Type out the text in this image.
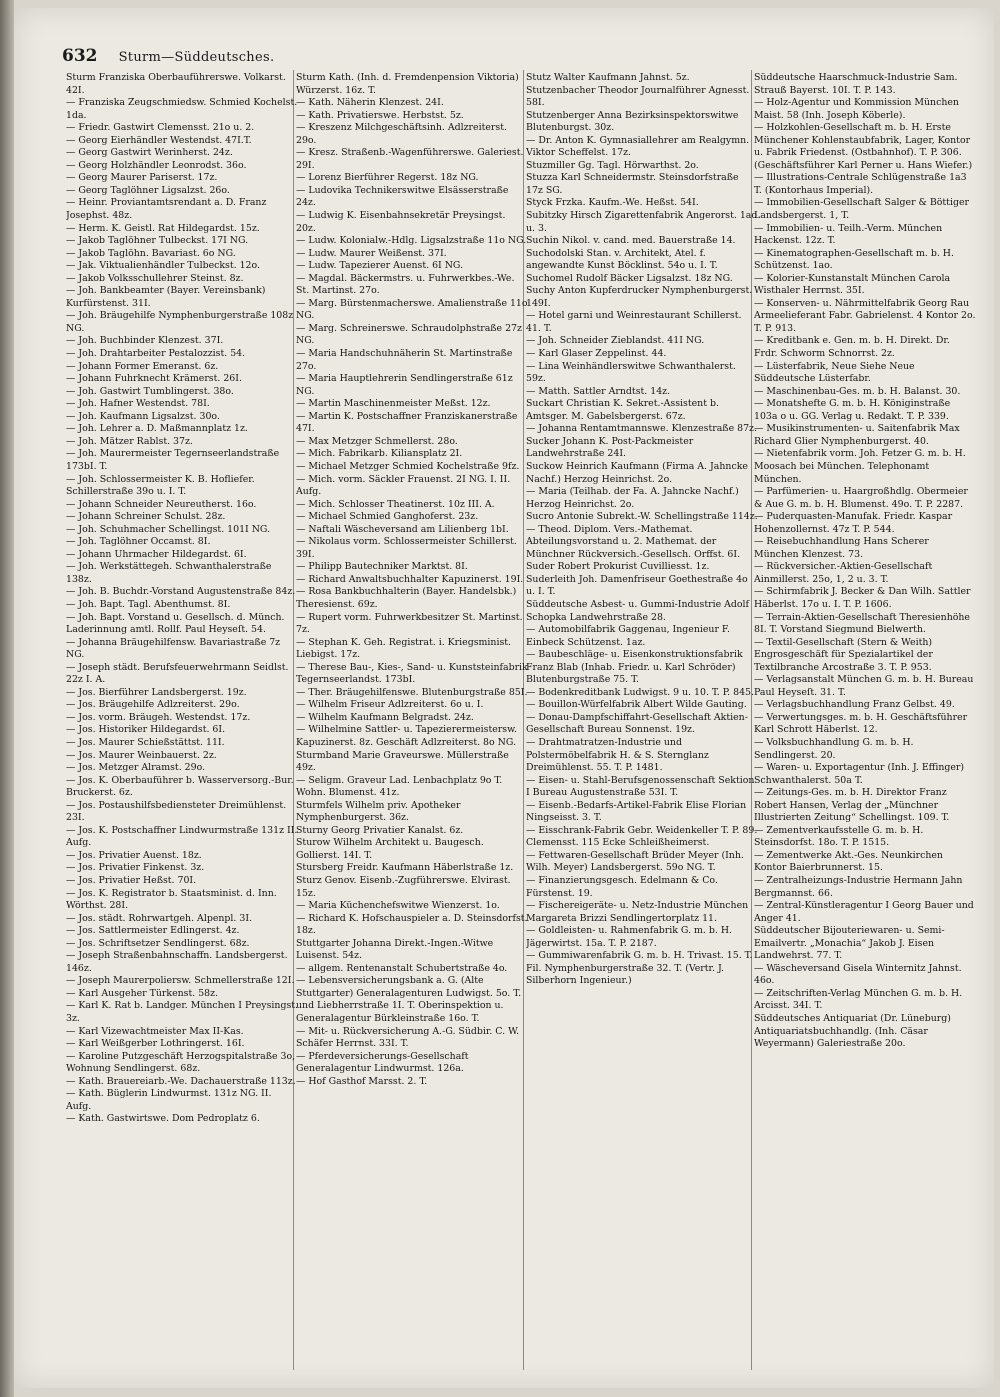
632 Sturm—Süddeutsches.

Sturm Franziska Oberbauführerswe. Volkarst. 42I.

— Franziska Zeugschmiedsw. Schmied Kochelst. 1da.

— Friedr. Gastwirt Clemensst. 21o u. 2.

— Georg Eierhändler Westendst. 47I.T.

— Georg Gastwirt Werinherst. 24z.

— Georg Holzhändler Leonrodst. 36o.

— Georg Maurer Pariserst. 17z.

— Georg Taglöhner Ligsalzst. 26o.

— Heinr. Proviantamtsrendant a. D. Franz Josephst. 48z.

— Herm. K. Geistl. Rat Hildegardst. 15z.

— Jakob Taglöhner Tulbeckst. 17I NG.

— Jakob Taglöhn. Bavariast. 6o NG.

— Jak. Viktualienhändler Tulbeckst. 12o.

— Jakob Volksschullehrer Steinst. 8z.

— Joh. Bankbeamter (Bayer. Vereinsbank) Kurfürstenst. 31I.

— Joh. Bräugehilfe Nymphenburgerstraße 108z NG.

— Joh. Buchbinder Klenzest. 37I.

— Joh. Drahtarbeiter Pestalozzist. 54.

— Johann Former Emeranst. 6z.

— Johann Fuhrknecht Krämerst. 26I.

— Joh. Gastwirt Tumblingerst. 38o.

— Joh. Hafner Westendst. 78I.

— Joh. Kaufmann Ligsalzst. 30o.

— Joh. Lehrer a. D. Maßmannplatz 1z.

— Joh. Mätzer Rablst. 37z.

— Joh. Maurermeister Tegernseerlandstraße 173bI. T.

— Joh. Schlossermeister K. B. Hofliefer. Schillerstraße 39o u. I. T.

— Johann Schneider Neureutherst. 16o.

— Johann Schreiner Schulst. 28z.

— Joh. Schuhmacher Schellingst. 101I NG.

— Joh. Taglöhner Occamst. 8I.

— Johann Uhrmacher Hildegardst. 6I.

— Joh. Werkstättegeh. Schwanthalerstraße 138z.

— Joh. B. Buchdr.-Vorstand Augustenstraße 84z.

— Joh. Bapt. Tagl. Abenthumst. 8I.

— Joh. Bapt. Vorstand u. Gesellsch. d. Münch. Laderinnung amtl. Rollf. Paul Heyseſt. 54.

— Johanna Bräugehilfensw. Bavariastraße 7z NG.

— Joseph städt. Berufsfeuerwehrmann Seidlst. 22z I. A.

— Jos. Bierführer Landsbergerst. 19z.

— Jos. Bräugehilfe Adlzreiterst. 29o.

— Jos. vorm. Bräugeh. Westendst. 17z.

— Jos. Historiker Hildegardst. 6I.

— Jos. Maurer Schießstättst. 11I.

— Jos. Maurer Weinbauerst. 2z.

— Jos. Metzger Alramst. 29o.

— Jos. K. Oberbauführer b. Wasserversorg.-Bur. Bruckerst. 6z.

— Jos. Postaushilfsbediensteter Dreimühlenst. 23I.

— Jos. K. Postschaffner Lindwurmstraße 131z II. Aufg.

— Jos. Privatier Auenst. 18z.

— Jos. Privatier Finkenst. 3z.

— Jos. Privatier Heßst. 70I.

— Jos. K. Registrator b. Staatsminist. d. Inn. Wörthst. 28I.

— Jos. städt. Rohrwartgeh. Alpenpl. 3I.

— Jos. Sattlermeister Edlingerst. 4z.

— Jos. Schriftsetzer Sendlingerst. 68z.

— Joseph Straßenbahnschaffn. Landsbergerst. 146z.

— Joseph Maurerpoliersw. Schmellerstraße 12I.

— Karl Ausgeher Türkenst. 58z.

— Karl K. Rat b. Landger. München I Preysingst. 3z.

— Karl Vizewachtmeister Max II-Kas.

— Karl Weißgerber Lothringerst. 16I.

— Karoline Putzgeschäft Herzogspitalstraße 3o, Wohnung Sendlingerst. 68z.

— Kath. Brauereiarb.-We. Dachauerstraße 113z.

— Kath. Büglerin Lindwurmst. 131z NG. II. Aufg.

— Kath. Gastwirtswe. Dom Pedroplatz 6.

Sturm Kath. (Inh. d. Fremdenpension Viktoria) Würzerst. 16z. T.

— Kath. Näherin Klenzest. 24I.

— Kath. Privatierswe. Herbstst. 5z.

— Kreszenz Milchgeschäftsinh. Adlzreiterst. 29o.

— Kresz. Straßenb.-Wagenführerswe. Galeriest. 29I.

— Lorenz Bierführer Regerst. 18z NG.

— Ludovika Technikerswitwe Elsässerstraße 24z.

— Ludwig K. Eisenbahnsekretär Preysingst. 20z.

— Ludw. Kolonialw.-Hdlg. Ligsalzstraße 11o NG.

— Ludw. Maurer Weißenst. 37I.

— Ludw. Tapezierer Auenst. 6I NG.

— Magdal. Bäckermstrs. u. Fuhrwerkbes.-We. St. Martinst. 27o.

— Marg. Bürstenmacherswe. Amalienstraße 11o NG.

— Marg. Schreinerswe. Schraudolphstraße 27z NG.

— Maria Handschuhnäherin St. Martinstraße 27o.

— Maria Hauptlehrerin Sendlingerstraße 61z NG.

— Martin Maschinenmeister Meßst. 12z.

— Martin K. Postschaffner Franziskanerstraße 47I.

— Max Metzger Schmellerst. 28o.

— Mich. Fabrikarb. Kiliansplatz 2I.

— Michael Metzger Schmied Kochelstraße 9fz.

— Mich. vorm. Säckler Frauenst. 2I NG. I. II. Aufg.

— Mich. Schlosser Theatinerst. 10z III. A.

— Michael Schmied Ganghoferst. 23z.

— Naftali Wäscheversand am Lilienberg 1bI.

— Nikolaus vorm. Schlossermeister Schillerst. 39I.

— Philipp Bautechniker Marktst. 8I.

— Richard Anwaltsbuchhalter Kapuzinerst. 19I.

— Rosa Bankbuchhalterin (Bayer. Handelsbk.) Theresienst. 69z.

— Rupert vorm. Fuhrwerkbesitzer St. Martinst. 7z.

— Stephan K. Geh. Registrat. i. Kriegsminist. Liebigst. 17z.

— Therese Bau-, Kies-, Sand- u. Kunststeinfabrik Tegernseerlandst. 173bI.

— Ther. Bräugehilfenswe. Blutenburgstraße 85I.

— Wilhelm Friseur Adlzreiterst. 6o u. I.

— Wilhelm Kaufmann Belgradst. 24z.

— Wilhelmine Sattler- u. Tapezierermeistersw. Kapuzinerst. 8z. Geschäft Adlzreiterst. 8o NG.

Sturmband Marie Graveurswe. Müllerstraße 49z.

— Seligm. Graveur Lad. Lenbachplatz 9o T. Wohn. Blumenst. 41z.

Sturmfels Wilhelm priv. Apotheker Nymphenburgerst. 36z.

Sturny Georg Privatier Kanalst. 6z.

Sturow Wilhelm Architekt u. Baugesch. Gollierst. 14I. T.

Stursberg Freidr. Kaufmann Häberlstraße 1z.

Sturz Genov. Eisenb.-Zugführerswe. Elvirast. 15z.

— Maria Küchenchefswitwe Wienzerst. 1o.

— Richard K. Hofschauspieler a. D. Steinsdorfst. 18z.

Stuttgarter Johanna Direkt.-Ingen.-Witwe Luisenst. 54z.

— allgem. Rentenanstalt Schubertstraße 4o.

— Lebensversicherungsbank a. G. (Alte Stuttgarter) Generalagenturen Ludwigst. 5o. T. und Liebherrstraße 1I. T. Oberinspektion u. Generalagentur Bürkleinstraße 16o. T.

— Mit- u. Rückversicherung A.-G. Südbir. C. W. Schäfer Herrnst. 33I. T.

— Pferdeversicherungs-Gesellschaft Generalagentur Lindwurmst. 126a.

— Hof Gasthof Marsst. 2. T.

Stutz Walter Kaufmann Jahnst. 5z.

Stutzenbacher Theodor Journalführer Agnesst. 58I.

Stutzenberger Anna Bezirksinspektorswitwe Blutenburgst. 30z.

— Dr. Anton K. Gymnasiallehrer am Realgymn. Viktor Scheffelst. 17z.

Stuzmiller Gg. Tagl. Hörwarthst. 2o.

Stuzza Karl Schneidermstr. Steinsdorfstraße 17z SG.

Styck Frzka. Kaufm.-We. Heßst. 54I.

Subitzky Hirsch Zigarettenfabrik Angerorst. 1ao u. 3.

Suchin Nikol. v. cand. med. Bauerstraße 14.

Suchodolski Stan. v. Architekt, Atel. f. angewandte Kunst Böcklinst. 54o u. I. T.

Suchomel Rudolf Bäcker Ligsalzst. 18z NG.

Suchy Anton Kupferdrucker Nymphenburgerst. 149I.

— Hotel garni und Weinrestaurant Schillerst. 41. T.

— Joh. Schneider Zieblandst. 41I NG.

— Karl Glaser Zeppelinst. 44.

— Lina Weinhändlerswitwe Schwanthalerst. 59z.

— Matth. Sattler Arndtst. 14z.

Suckart Christian K. Sekret.-Assistent b. Amtsger. M. Gabelsbergerst. 67z.

— Johanna Rentamtmannswe. Klenzestraße 87z.

Sucker Johann K. Post-Packmeister Landwehrstraße 24I.

Suckow Heinrich Kaufmann (Firma A. Jahncke Nachf.) Herzog Heinrichst. 2o.

— Maria (Teilhab. der Fa. A. Jahncke Nachf.) Herzog Heinrichst. 2o.

Sucro Antonie Subrekt.-W. Schellingstraße 114z.

— Theod. Diplom. Vers.-Mathemat. Abteilungsvorstand u. 2. Mathemat. der Münchner Rückversich.-Gesellsch. Orffst. 6I.

Suder Robert Prokurist Cuvilliesst. 1z.

Suderleith Joh. Damenfriseur Goethestraße 4o u. I. T.

Süddeutsche Asbest- u. Gummi-Industrie Adolf Schopka Landwehrstraße 28.

— Automobilfabrik Gaggenau, Ingenieur F. Einbeck Schützenst. 1az.

— Baubeschläge- u. Eisenkonstruktionsfabrik Franz Blab (Inhab. Friedr. u. Karl Schröder) Blutenburgstraße 75. T.

— Bodenkreditbank Ludwigst. 9 u. 10. T. P. 845.

— Bouillon-Würfelfabrik Albert Wilde Gauting.

— Donau-Dampfschiffahrt-Gesellschaft Aktien-Gesellschaft Bureau Sonnenst. 19z.

— Drahtmatratzen-Industrie und Polstermöbelfabrik H. & S. Sternglanz Dreimühlenst. 55. T. P. 1481.

— Eisen- u. Stahl-Berufsgenossenschaft Sektion I Bureau Augustenstraße 53I. T.

— Eisenb.-Bedarfs-Artikel-Fabrik Elise Florian Ningseisst. 3. T.

— Eisschrank-Fabrik Gebr. Weidenkeller T. P. 89. Clemensst. 115 Ecke Schleißheimerst.

— Fettwaren-Gesellschaft Brüder Meyer (Inh. Wilh. Meyer) Landsbergerst. 59o NG. T.

— Finanzierungsgesch. Edelmann & Co. Fürstenst. 19.

— Fischereigeräte- u. Netz-Industrie München Margareta Brizzi Sendlingertorplatz 11.

— Goldleisten- u. Rahmenfabrik G. m. b. H. Jägerwirtst. 15a. T. P. 2187.

— Gummiwarenfabrik G. m. b. H. Trivast. 15. T. Fil. Nymphenburgerstraße 32. T. (Vertr. J. Silberhorn Ingenieur.)

Süddeutsche Haarschmuck-Industrie Sam. Strauß Bayerst. 10I. T. P. 143.

— Holz-Agentur und Kommission München Maist. 58 (Inh. Joseph Köberle).

— Holzkohlen-Gesellschaft m. b. H. Erste Münchener Kohlenstaubfabrik, Lager, Kontor u. Fabrik Friedenst. (Ostbahnhof). T. P. 306. (Geschäftsführer Karl Perner u. Hans Wiefer.)

— Illustrations-Centrale Schlügenstraße 1a3 T. (Kontorhaus Imperial).

— Immobilien-Gesellschaft Salger & Böttiger Landsbergerst. 1, T.

— Immobilien- u. Teilh.-Verm. München Hackenst. 12z. T.

— Kinematographen-Gesellschaft m. b. H. Schützenst. 1ao.

— Kolorier-Kunstanstalt München Carola Wisthaler Herrnst. 35I.

— Konserven- u. Nährmittelfabrik Georg Rau Armeelieferant Fabr. Gabrielenst. 4 Kontor 2o. T. P. 913.

— Kreditbank e. Gen. m. b. H. Direkt. Dr. Frdr. Schworm Schnorrst. 2z.

— Lüsterfabrik, Neue Siehe Neue Süddeutsche Lüsterfabr.

— Maschinenbau-Ges. m. b. H. Balanst. 30.

— Monatshefte G. m. b. H. Königinstraße 103a o u. GG. Verlag u. Redakt. T. P. 339.

— Musikinstrumenten- u. Saitenfabrik Max Richard Glier Nymphenburgerst. 40.

— Nietenfabrik vorm. Joh. Fetzer G. m. b. H. Moosach bei München. Telephonamt München.

— Parfümerien- u. Haargroßhdlg. Obermeier & Aue G. m. b. H. Blumenst. 49o. T. P. 2287.

— Puderquasten-Manufak. Friedr. Kaspar Hohenzollernst. 47z T. P. 544.

— Reisebuchhandlung Hans Scherer München Klenzest. 73.

— Rückversicher.-Aktien-Gesellschaft Ainmillerst. 25o, 1, 2 u. 3. T.

— Schirmfabrik J. Becker & Dan Wilh. Sattler Häberlst. 17o u. I. T. P. 1606.

— Terrain-Aktien-Gesellschaft Theresienhöhe 8I. T. Vorstand Siegmund Bielwerth.

— Textil-Gesellschaft (Stern & Weith) Engrosgeschäft für Spezialartikel der Textilbranche Arcostraße 3. T. P. 953.

— Verlagsanstalt München G. m. b. H. Bureau Paul Heyseſt. 31. T.

— Verlagsbuchhandlung Franz Gelbst. 49.

— Verwertungsges. m. b. H. Geschäftsführer Karl Schrott Häberlst. 12.

— Volksbuchhandlung G. m. b. H. Sendlingerst. 20.

— Waren- u. Exportagentur (Inh. J. Effinger) Schwanthalerst. 50a T.

— Zeitungs-Ges. m. b. H. Direktor Franz Robert Hansen, Verlag der „Münchner Illustrierten Zeitung“ Schellingst. 109. T.

— Zementverkaufsstelle G. m. b. H. Steinsdorfst. 18o. T. P. 1515.

— Zementwerke Akt.-Ges. Neunkirchen Kontor Baierbrunnerst. 15.

— Zentralheizungs-Industrie Hermann Jahn Bergmannst. 66.

— Zentral-Künstleragentur I Georg Bauer und Anger 41.

Süddeutscher Bijouteriewaren- u. Semi-Emailvertr. „Monachia“ Jakob J. Eisen Landwehrst. 77. T.

— Wäscheversand Gisela Winternitz Jahnst. 46o.

— Zeitschriften-Verlag München G. m. b. H. Arcisst. 34I. T.

Süddeutsches Antiquariat (Dr. Lüneburg) Antiquariatsbuchhandlg. (Inh. Cäsar Weyermann) Galeriestraße 20o.
